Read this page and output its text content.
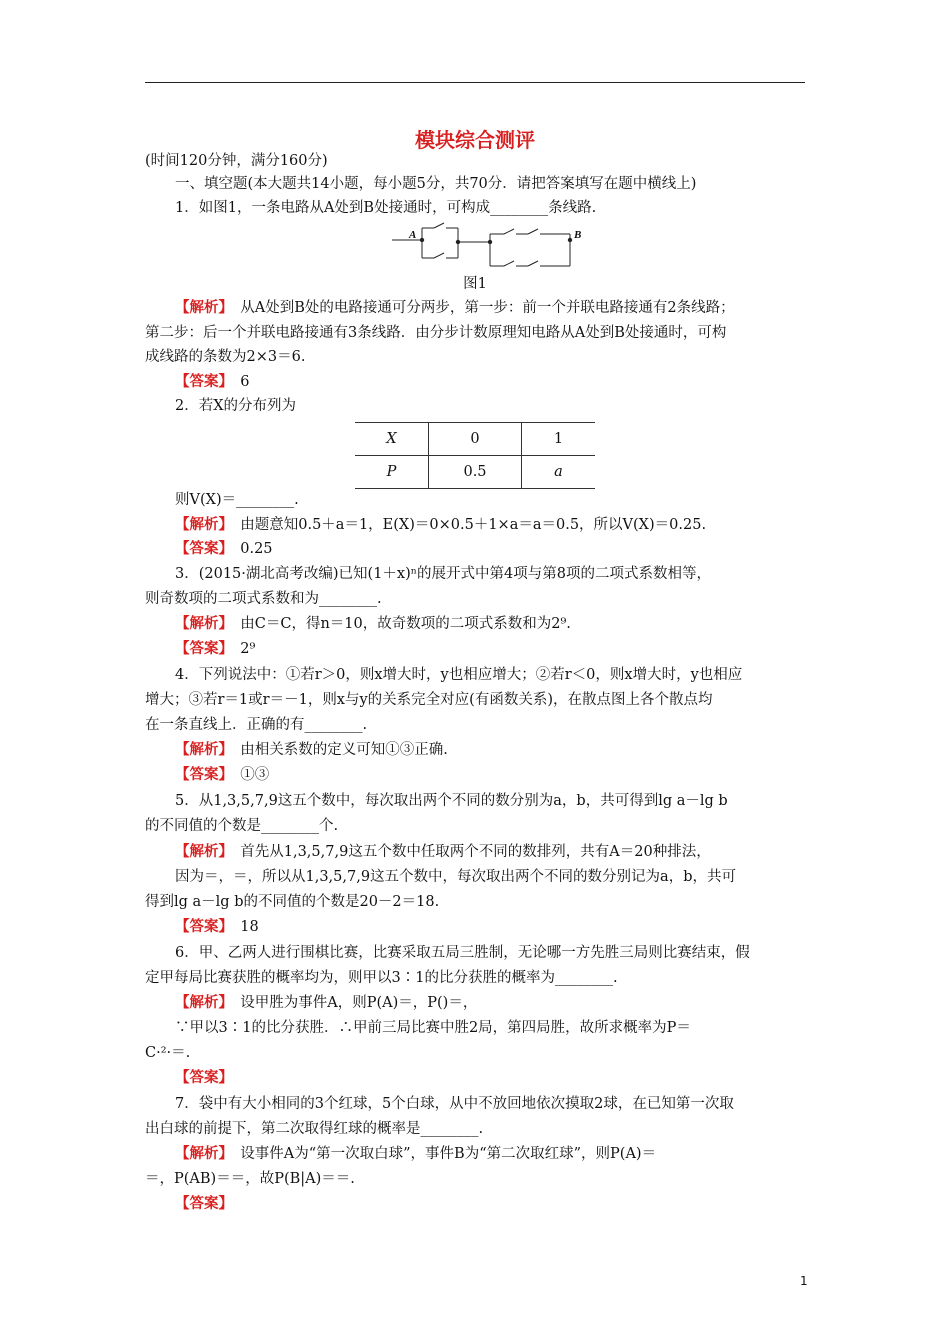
模块综合测评
(时间120分钟，满分160分)
一、填空题(本大题共14小题，每小题5分，共70分．请把答案填写在题中横线上)
1．如图1，一条电路从A处到B处接通时，可构成________条线路.
A	B
图1
【解析】　 从A处到B处的电路接通可分两步，第一步：前一个并联电路接通有2条线路；
第二步：后一个并联电路接通有3条线路．由分步计数原理知电路从A处到B处接通时，可构
成线路的条数为2×3＝6.
【答案】　 6
2．若X的分布列为
X	0	1
P	0.5	a
则V(X)＝________.
【解析】　 由题意知0.5＋a＝1，E(X)＝0×0.5＋1×a＝a＝0.5，所以V(X)＝0.25.
【答案】　 0.25
3．(2015·湖北高考改编)已知(1＋x)ⁿ的展开式中第4项与第8项的二项式系数相等，
则奇数项的二项式系数和为________.
【解析】　 由C＝C，得n＝10，故奇数项的二项式系数和为2⁹.
【答案】　 2⁹
4．下列说法中：①若r＞0，则x增大时，y也相应增大；②若r＜0，则x增大时，y也相应
增大；③若r＝1或r＝－1，则x与y的关系完全对应(有函数关系)，在散点图上各个散点均
在一条直线上．正确的有________.
【解析】　 由相关系数的定义可知①③正确.
【答案】　 ①③
5．从1,3,5,7,9这五个数中，每次取出两个不同的数分别为a，b，共可得到lg a－lg b
的不同值的个数是________个.
【解析】　 首先从1,3,5,7,9这五个数中任取两个不同的数排列，共有A＝20种排法，
因为＝，＝，所以从1,3,5,7,9这五个数中，每次取出两个不同的数分别记为a，b，共可
得到lg a－lg b的不同值的个数是20－2＝18.
【答案】　 18
6．甲、乙两人进行围棋比赛，比赛采取五局三胜制，无论哪一方先胜三局则比赛结束，假
定甲每局比赛获胜的概率均为，则甲以3∶1的比分获胜的概率为________.
【解析】　 设甲胜为事件A，则P(A)＝，P()＝，
∵甲以3∶1的比分获胜．∴甲前三局比赛中胜2局，第四局胜，故所求概率为P＝
C·²·＝.
【答案】
7．袋中有大小相同的3个红球，5个白球，从中不放回地依次摸取2球，在已知第一次取
出白球的前提下，第二次取得红球的概率是________.
【解析】　 设事件A为“第一次取白球”，事件B为“第二次取红球”，则P(A)＝
＝，P(AB)＝＝，故P(B|A)＝＝.
【答案】
1
